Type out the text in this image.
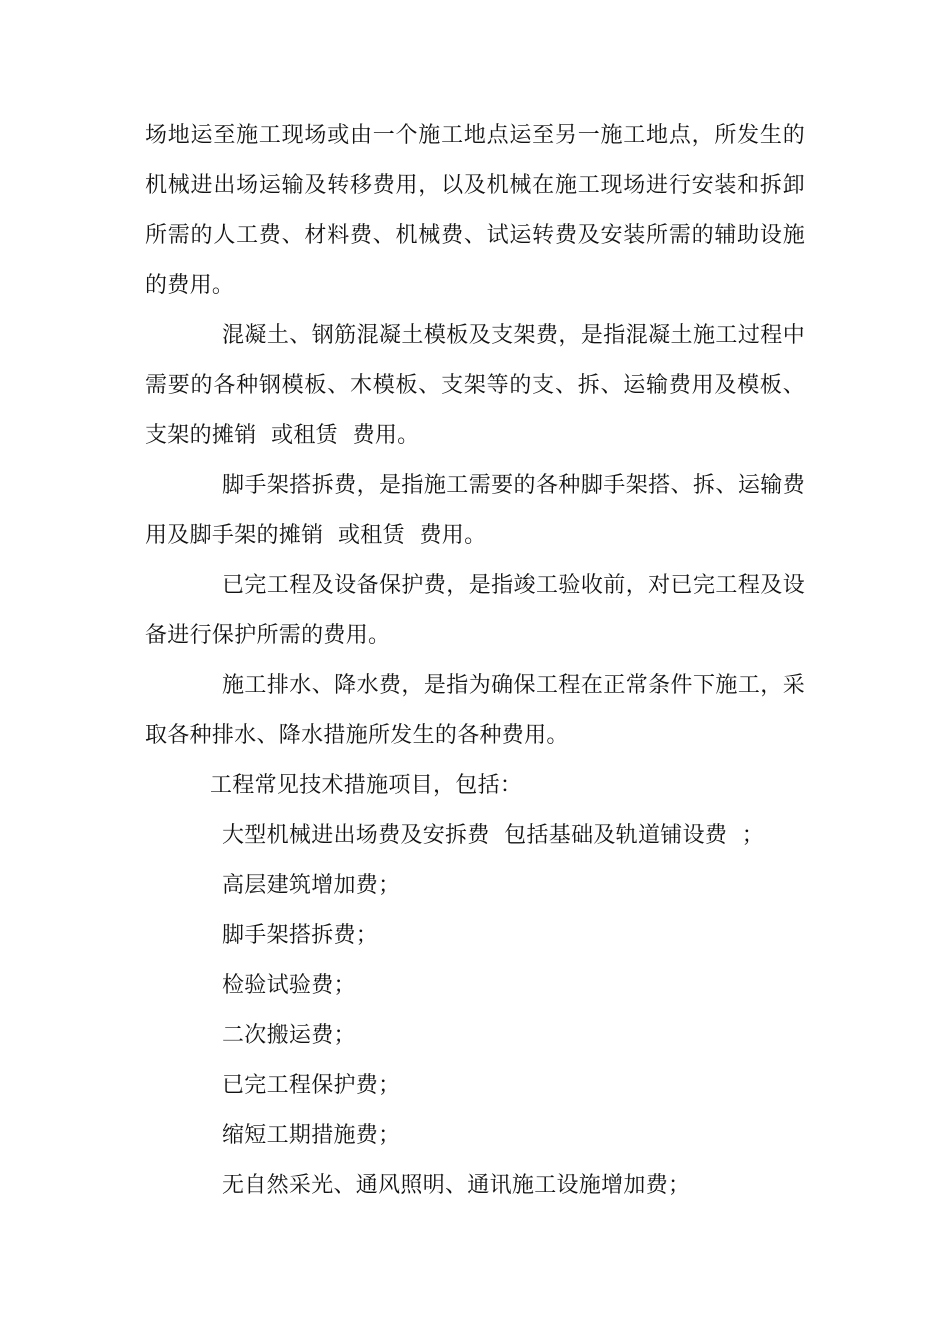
场地运至施工现场或由一个施工地点运至另一施工地点，所发生的机械进出场运输及转移费用，以及机械在施工现场进行安装和拆卸所需的人工费、材料费、机械费、试运转费及安装所需的辅助设施的费用。

混凝土、钢筋混凝土模板及支架费，是指混凝土施工过程中需要的各种钢模板、木模板、支架等的支、拆、运输费用及模板、支架的摊销  或租赁  费用。

脚手架搭拆费，是指施工需要的各种脚手架搭、拆、运输费用及脚手架的摊销  或租赁  费用。

已完工程及设备保护费，是指竣工验收前，对已完工程及设备进行保护所需的费用。

施工排水、降水费，是指为确保工程在正常条件下施工，采取各种排水、降水措施所发生的各种费用。

工程常见技术措施项目，包括：

大型机械进出场费及安拆费  包括基础及轨道铺设费  ；
高层建筑增加费；
脚手架搭拆费；
检验试验费；
二次搬运费；
已完工程保护费；
缩短工期措施费；
无自然采光、通风照明、通讯施工设施增加费；
